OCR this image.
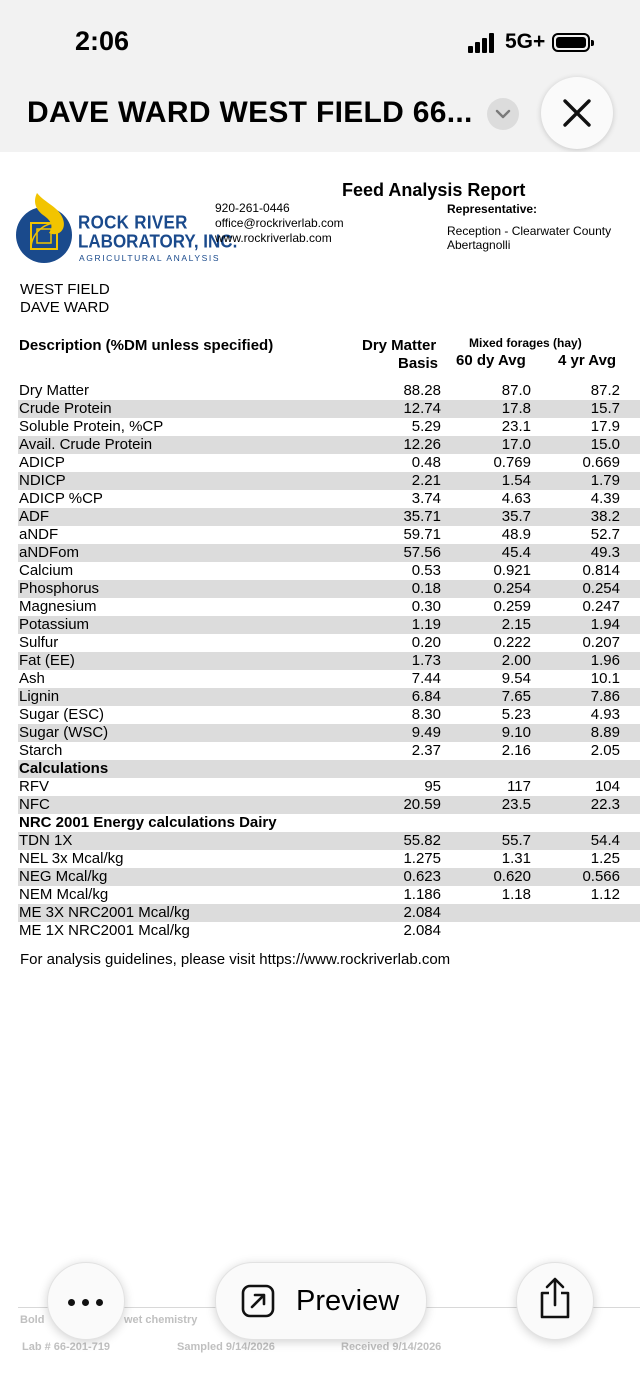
2:06	5G+
DAVE WARD WEST FIELD 66...
ROCK RIVER
LABORATORY, INC.
AGRICULTURAL ANALYSIS
Feed Analysis Report
920-261-0446
office@rockriverlab.com
www.rockriverlab.com
Representative:
Reception - Clearwater County
Abertagnolli
WEST FIELD
DAVE WARD
Description (%DM unless specified)	Dry Matter
Basis
Mixed forages (hay)
60 dy Avg 4 yr Avg
Dry Matter	88.28	87.0	87.2
Crude Protein	12.74	17.8	15.7
Soluble Protein, %CP	5.29	23.1	17.9
Avail. Crude Protein	12.26	17.0	15.0
ADICP	0.48	0.769	0.669
NDICP	2.21	1.54	1.79
ADICP %CP	3.74	4.63	4.39
ADF	35.71	35.7	38.2
aNDF	59.71	48.9	52.7
aNDFom	57.56	45.4	49.3
Calcium	0.53	0.921	0.814
Phosphorus	0.18	0.254	0.254
Magnesium	0.30	0.259	0.247
Potassium	1.19	2.15	1.94
Sulfur	0.20	0.222	0.207
Fat (EE)	1.73	2.00	1.96
Ash	7.44	9.54	10.1
Lignin	6.84	7.65	7.86
Sugar (ESC)	8.30	5.23	4.93
Sugar (WSC)	9.49	9.10	8.89
Starch	2.37	2.16	2.05
Calculations
RFV	95	117	104
NFC	20.59	23.5	22.3
NRC 2001 Energy calculations Dairy
TDN 1X	55.82	55.7	54.4
NEL 3x Mcal/kg	1.275	1.31	1.25
NEG Mcal/kg	0.623	0.620	0.566
NEM Mcal/kg	1.186	1.18	1.12
ME 3X NRC2001 Mcal/kg	2.084
ME 1X NRC2001 Mcal/kg	2.084
For analysis guidelines, please visit https://www.rockriverlab.com
Bold	wet chemistry
Lab # 66-201-719	Sampled 9/14/2026	Received 9/14/2026
Preview
